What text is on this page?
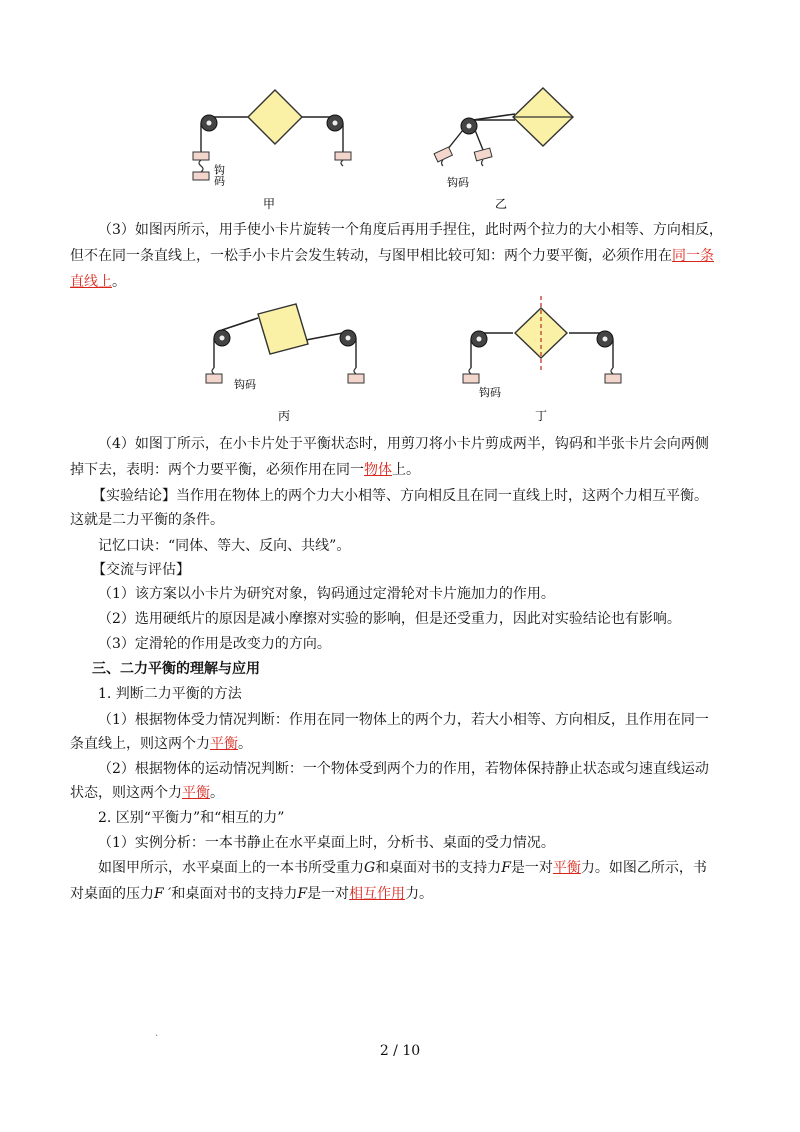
钩码
甲
钩码
乙
（3）如图丙所示，用手使小卡片旋转一个角度后再用手捏住，此时两个拉力的大小相等、方向相反，
但不在同一条直线上，一松手小卡片会发生转动，与图甲相比较可知：两个力要平衡，必须作用在同一条
直线上。
钩码
丙
钩码
丁
（4）如图丁所示，在小卡片处于平衡状态时，用剪刀将小卡片剪成两半，钩码和半张卡片会向两侧
掉下去，表明：两个力要平衡，必须作用在同一物体上。
【实验结论】当作用在物体上的两个力大小相等、方向相反且在同一直线上时，这两个力相互平衡。
这就是二力平衡的条件。
记忆口诀：“同体、等大、反向、共线”。
【交流与评估】
（1）该方案以小卡片为研究对象，钩码通过定滑轮对卡片施加力的作用。
（2）选用硬纸片的原因是减小摩擦对实验的影响，但是还受重力，因此对实验结论也有影响。
（3）定滑轮的作用是改变力的方向。
三、二力平衡的理解与应用
1. 判断二力平衡的方法
（1）根据物体受力情况判断：作用在同一物体上的两个力，若大小相等、方向相反，且作用在同一
条直线上，则这两个力平衡。
（2）根据物体的运动情况判断：一个物体受到两个力的作用，若物体保持静止状态或匀速直线运动
状态，则这两个力平衡。
2. 区别“平衡力”和“相互的力”
（1）实例分析：一本书静止在水平桌面上时，分析书、桌面的受力情况。
如图甲所示，水平桌面上的一本书所受重力G和桌面对书的支持力F是一对平衡力。如图乙所示，书
对桌面的压力F ′和桌面对书的支持力F是一对相互作用力。
.
2 / 10
